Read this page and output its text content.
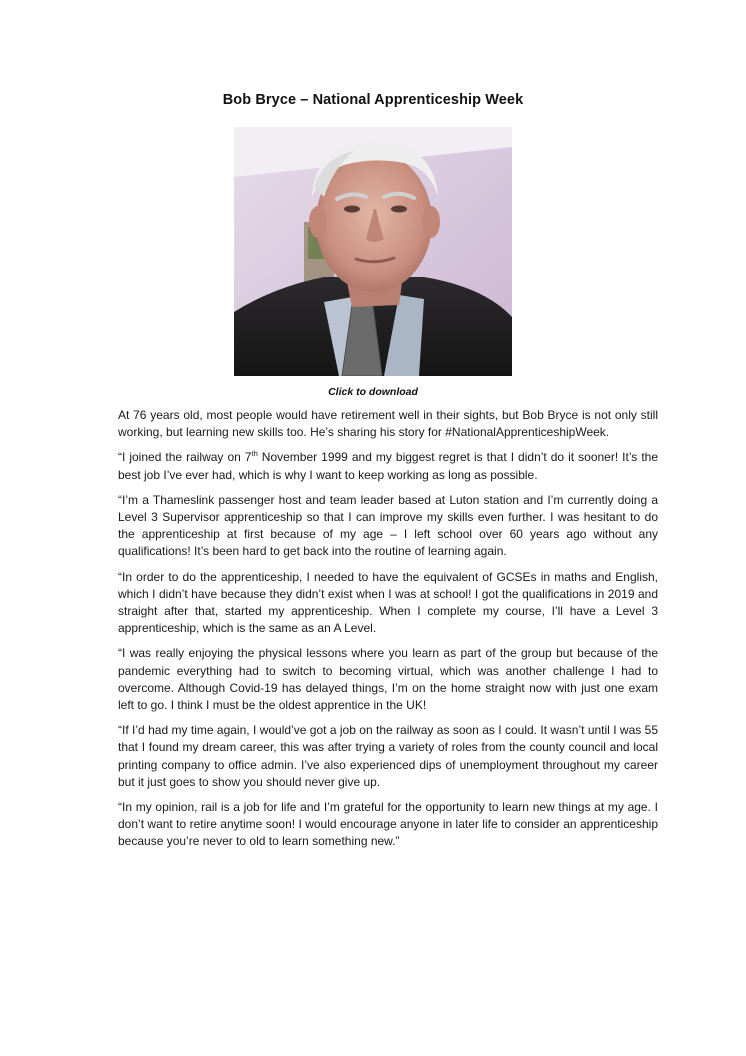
Bob Bryce – National Apprenticeship Week
Click to download

At 76 years old, most people would have retirement well in their sights, but Bob Bryce is not only still working, but learning new skills too. He’s sharing his story for #NationalApprenticeshipWeek.

“I joined the railway on 7th November 1999 and my biggest regret is that I didn’t do it sooner! It’s the best job I’ve ever had, which is why I want to keep working as long as possible.

“I’m a Thameslink passenger host and team leader based at Luton station and I’m currently doing a Level 3 Supervisor apprenticeship so that I can improve my skills even further. I was hesitant to do the apprenticeship at first because of my age – I left school over 60 years ago without any qualifications! It’s been hard to get back into the routine of learning again.

“In order to do the apprenticeship, I needed to have the equivalent of GCSEs in maths and English, which I didn’t have because they didn’t exist when I was at school! I got the qualifications in 2019 and straight after that, started my apprenticeship. When I complete my course, I’ll have a Level 3 apprenticeship, which is the same as an A Level.

“I was really enjoying the physical lessons where you learn as part of the group but because of the pandemic everything had to switch to becoming virtual, which was another challenge I had to overcome. Although Covid-19 has delayed things, I’m on the home straight now with just one exam left to go. I think I must be the oldest apprentice in the UK!

“If I’d had my time again, I would’ve got a job on the railway as soon as I could. It wasn’t until I was 55 that I found my dream career, this was after trying a variety of roles from the county council and local printing company to office admin. I’ve also experienced dips of unemployment throughout my career but it just goes to show you should never give up.

“In my opinion, rail is a job for life and I’m grateful for the opportunity to learn new things at my age. I don’t want to retire anytime soon! I would encourage anyone in later life to consider an apprenticeship because you’re never to old to learn something new.”
